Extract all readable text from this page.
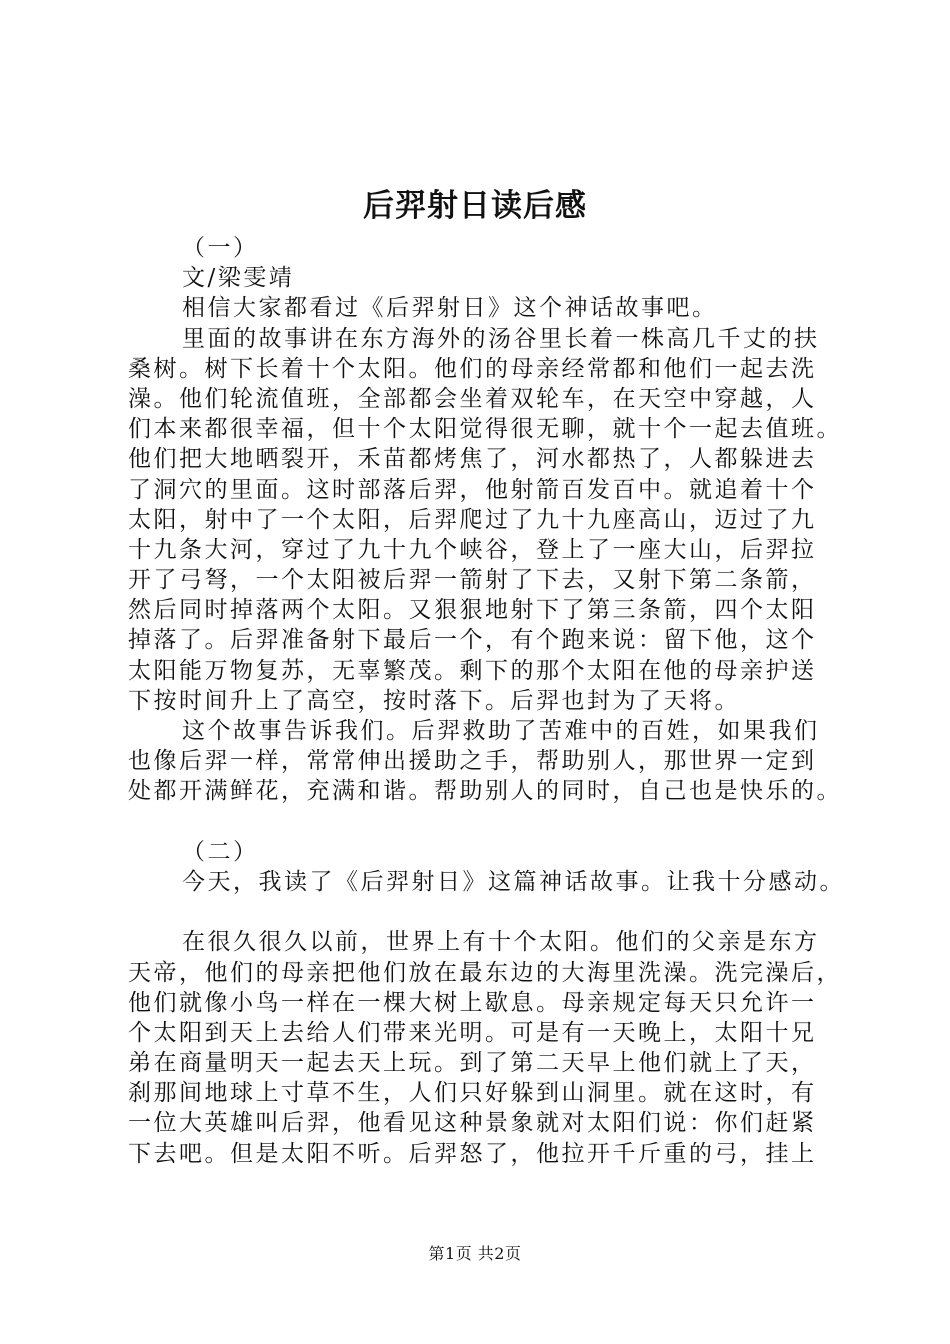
后羿射日读后感
（一）
文/梁雯靖
相信大家都看过《后羿射日》这个神话故事吧。
里面的故事讲在东方海外的汤谷里长着一株高几千丈的扶
桑树。树下长着十个太阳。他们的母亲经常都和他们一起去洗
澡。他们轮流值班，全部都会坐着双轮车，在天空中穿越，人
们本来都很幸福，但十个太阳觉得很无聊，就十个一起去值班。
他们把大地晒裂开，禾苗都烤焦了，河水都热了，人都躲进去
了洞穴的里面。这时部落后羿，他射箭百发百中。就追着十个
太阳，射中了一个太阳，后羿爬过了九十九座高山，迈过了九
十九条大河，穿过了九十九个峡谷，登上了一座大山，后羿拉
开了弓弩，一个太阳被后羿一箭射了下去，又射下第二条箭，
然后同时掉落两个太阳。又狠狠地射下了第三条箭，四个太阳
掉落了。后羿准备射下最后一个，有个跑来说：留下他，这个
太阳能万物复苏，无辜繁茂。剩下的那个太阳在他的母亲护送
下按时间升上了高空，按时落下。后羿也封为了天将。
这个故事告诉我们。后羿救助了苦难中的百姓，如果我们
也像后羿一样，常常伸出援助之手，帮助别人，那世界一定到
处都开满鲜花，充满和谐。帮助别人的同时，自己也是快乐的。
（二）
今天，我读了《后羿射日》这篇神话故事。让我十分感动。
在很久很久以前，世界上有十个太阳。他们的父亲是东方
天帝，他们的母亲把他们放在最东边的大海里洗澡。洗完澡后，
他们就像小鸟一样在一棵大树上歇息。母亲规定每天只允许一
个太阳到天上去给人们带来光明。可是有一天晚上，太阳十兄
弟在商量明天一起去天上玩。到了第二天早上他们就上了天，
刹那间地球上寸草不生，人们只好躲到山洞里。就在这时，有
一位大英雄叫后羿，他看见这种景象就对太阳们说：你们赶紧
下去吧。但是太阳不听。后羿怒了，他拉开千斤重的弓，挂上
第1页 共2页
